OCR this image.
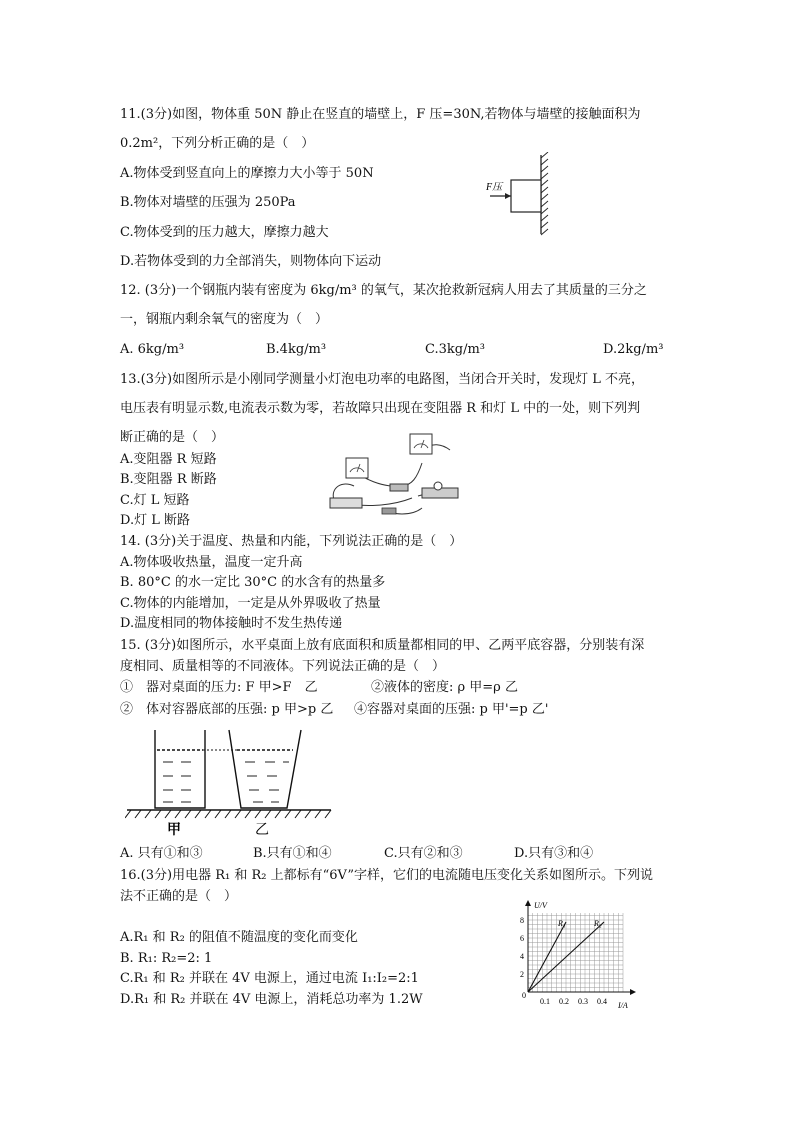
11.(3分)如图，物体重 50N 静止在竖直的墙壁上，F 压=30N,若物体与墙壁的接触面积为
0.2m²，下列分析正确的是（　）
A.物体受到竖直向上的摩擦力大小等于 50N
B.物体对墙壁的压强为 250Pa
C.物体受到的压力越大，摩擦力越大
D.若物体受到的力全部消失，则物体向下运动
F压
12. (3分)一个钢瓶内装有密度为 6kg/m³ 的氧气，某次抢救新冠病人用去了其质量的三分之
一，钢瓶内剩余氧气的密度为（　）
A. 6kg/m³	B.4kg/m³	C.3kg/m³	D.2kg/m³
13.(3分)如图所示是小刚同学测量小灯泡电功率的电路图，当闭合开关时，发现灯 L 不亮，
电压表有明显示数,电流表示数为零，若故障只出现在变阻器 R 和灯 L 中的一处，则下列判
断正确的是（　）
A.变阻器 R 短路
B.变阻器 R 断路
C.灯 L 短路
D.灯 L 断路
14. (3分)关于温度、热量和内能，下列说法正确的是（　）
A.物体吸收热量，温度一定升高
B. 80°C 的水一定比 30°C 的水含有的热量多
C.物体的内能增加，一定是从外界吸收了热量
D.温度相同的物体接触时不发生热传递
15. (3分)如图所示，水平桌面上放有底面积和质量都相同的甲、乙两平底容器，分别装有深
度相同、质量相等的不同液体。下列说法正确的是（　）
①　器对桌面的压力: F 甲>F　乙	②液体的密度: ρ 甲=ρ 乙
②　体对容器底部的压强: p 甲>p 乙 ④容器对桌面的压强: p 甲'=p 乙'
甲	乙
A. 只有①和③	B.只有①和④	C.只有②和③	D.只有③和④
16.(3分)用电器 R₁ 和 R₂ 上都标有“6V”字样，它们的电流随电压变化关系如图所示。下列说
法不正确的是（　）
A.R₁ 和 R₂ 的阻值不随温度的变化而变化
B. R₁: R₂=2: 1
C.R₁ 和 R₂ 并联在 4V 电源上，通过电流 I₁:I₂=2:1
D.R₁ 和 R₂ 并联在 4V 电源上，消耗总功率为 1.2W
U/V
I/A
0
R₁	R₂
2
4
6
8
0.1 0.2 0.3 0.4
